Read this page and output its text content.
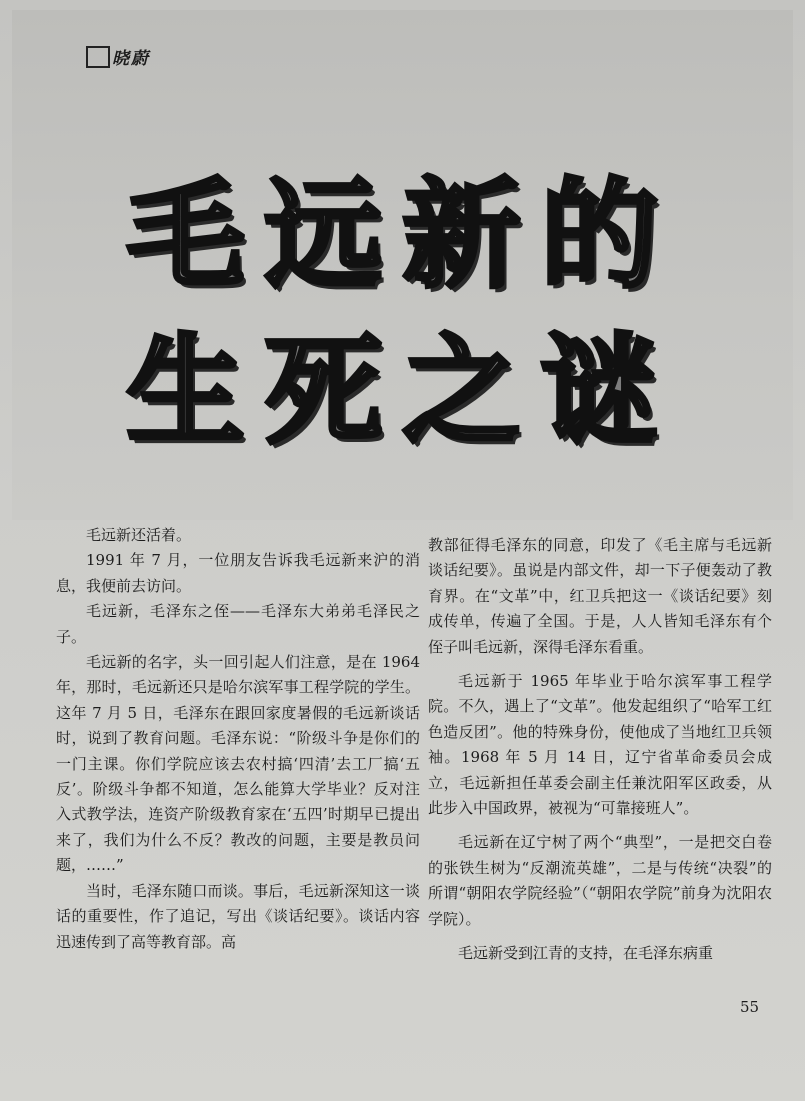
晓蔚
毛远新的
生死之谜

毛远新还活着。

1991 年 7 月，一位朋友告诉我毛远新来沪的消息，我便前去访问。

毛远新，毛泽东之侄——毛泽东大弟弟毛泽民之子。

毛远新的名字，头一回引起人们注意，是在 1964 年，那时，毛远新还只是哈尔滨军事工程学院的学生。这年 7 月 5 日，毛泽东在跟回家度暑假的毛远新谈话时，说到了教育问题。毛泽东说：“阶级斗争是你们的一门主课。你们学院应该去农村搞‘四清’去工厂搞‘五反’。阶级斗争都不知道，怎么能算大学毕业？反对注入式教学法，连资产阶级教育家在‘五四’时期早已提出来了，我们为什么不反？教改的问题，主要是教员问题，……”

当时，毛泽东随口而谈。事后，毛远新深知这一谈话的重要性，作了追记，写出《谈话纪要》。谈话内容迅速传到了高等教育部。高

教部征得毛泽东的同意，印发了《毛主席与毛远新谈话纪要》。虽说是内部文件，却一下子便轰动了教育界。在“文革”中，红卫兵把这一《谈话纪要》刻成传单，传遍了全国。于是，人人皆知毛泽东有个侄子叫毛远新，深得毛泽东看重。

毛远新于 1965 年毕业于哈尔滨军事工程学院。不久，遇上了“文革”。他发起组织了“哈军工红色造反团”。他的特殊身份，使他成了当地红卫兵领袖。1968 年 5 月 14 日，辽宁省革命委员会成立，毛远新担任革委会副主任兼沈阳军区政委，从此步入中国政界，被视为“可靠接班人”。

毛远新在辽宁树了两个“典型”，一是把交白卷的张铁生树为“反潮流英雄”，二是与传统“决裂”的所谓“朝阳农学院经验”（“朝阳农学院”前身为沈阳农学院）。

毛远新受到江青的支持，在毛泽东病重

55
